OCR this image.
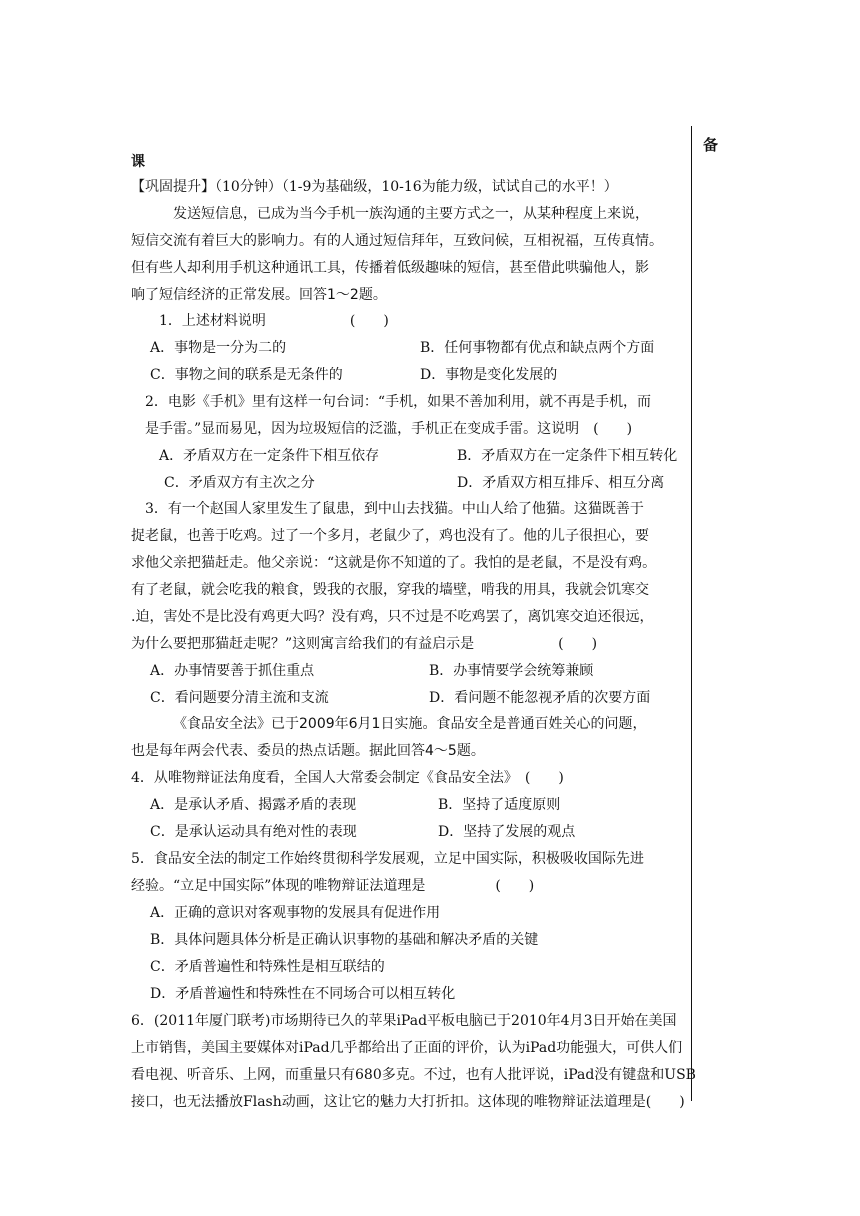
备
课
【巩固提升】（10分钟）（1-9为基础级，10-16为能力级，试试自己的水平！）
发送短信息，已成为当今手机一族沟通的主要方式之一，从某种程度上来说，
短信交流有着巨大的影响力。有的人通过短信拜年，互致问候，互相祝福，互传真情。
但有些人却利用手机这种通讯工具，传播着低级趣味的短信，甚至借此哄骗他人，影
响了短信经济的正常发展。回答1～2题。
1．上述材料说明　　　　　　(　　)
A．事物是一分为二的	B．任何事物都有优点和缺点两个方面
C．事物之间的联系是无条件的	D．事物是变化发展的
2．电影《手机》里有这样一句台词：“手机，如果不善加利用，就不再是手机，而
是手雷。”显而易见，因为垃圾短信的泛滥，手机正在变成手雷。这说明　(　　)
A．矛盾双方在一定条件下相互依存	B．矛盾双方在一定条件下相互转化
C．矛盾双方有主次之分	D．矛盾双方相互排斥、相互分离
3．有一个赵国人家里发生了鼠患，到中山去找猫。中山人给了他猫。这猫既善于
捉老鼠，也善于吃鸡。过了一个多月，老鼠少了，鸡也没有了。他的儿子很担心，要
求他父亲把猫赶走。他父亲说：“这就是你不知道的了。我怕的是老鼠，不是没有鸡。
有了老鼠，就会吃我的粮食，毁我的衣服，穿我的墙壁，啃我的用具，我就会饥寒交
.迫，害处不是比没有鸡更大吗？没有鸡，只不过是不吃鸡罢了，离饥寒交迫还很远，
为什么要把那猫赶走呢？”这则寓言给我们的有益启示是　　　　　　(　　)
A．办事情要善于抓住重点	B．办事情要学会统筹兼顾
C．看问题要分清主流和支流	D．看问题不能忽视矛盾的次要方面
《食品安全法》已于2009年6月1日实施。食品安全是普通百姓关心的问题，
也是每年两会代表、委员的热点话题。据此回答4～5题。
4．从唯物辩证法角度看，全国人大常委会制定《食品安全法》　(　　)
A．是承认矛盾、揭露矛盾的表现	B．坚持了适度原则
C．是承认运动具有绝对性的表现	D．坚持了发展的观点
5．食品安全法的制定工作始终贯彻科学发展观，立足中国实际，积极吸收国际先进
经验。“立足中国实际”体现的唯物辩证法道理是　　　　　(　　)
A．正确的意识对客观事物的发展具有促进作用
B．具体问题具体分析是正确认识事物的基础和解决矛盾的关键
C．矛盾普遍性和特殊性是相互联结的
D．矛盾普遍性和特殊性在不同场合可以相互转化
6．(2011年厦门联考)市场期待已久的苹果iPad平板电脑已于2010年4月3日开始在美国
上市销售，美国主要媒体对iPad几乎都给出了正面的评价，认为iPad功能强大，可供人们
看电视、听音乐、上网，而重量只有680多克。不过，也有人批评说，iPad没有键盘和USB
接口，也无法播放Flash动画，这让它的魅力大打折扣。这体现的唯物辩证法道理是(　　)
